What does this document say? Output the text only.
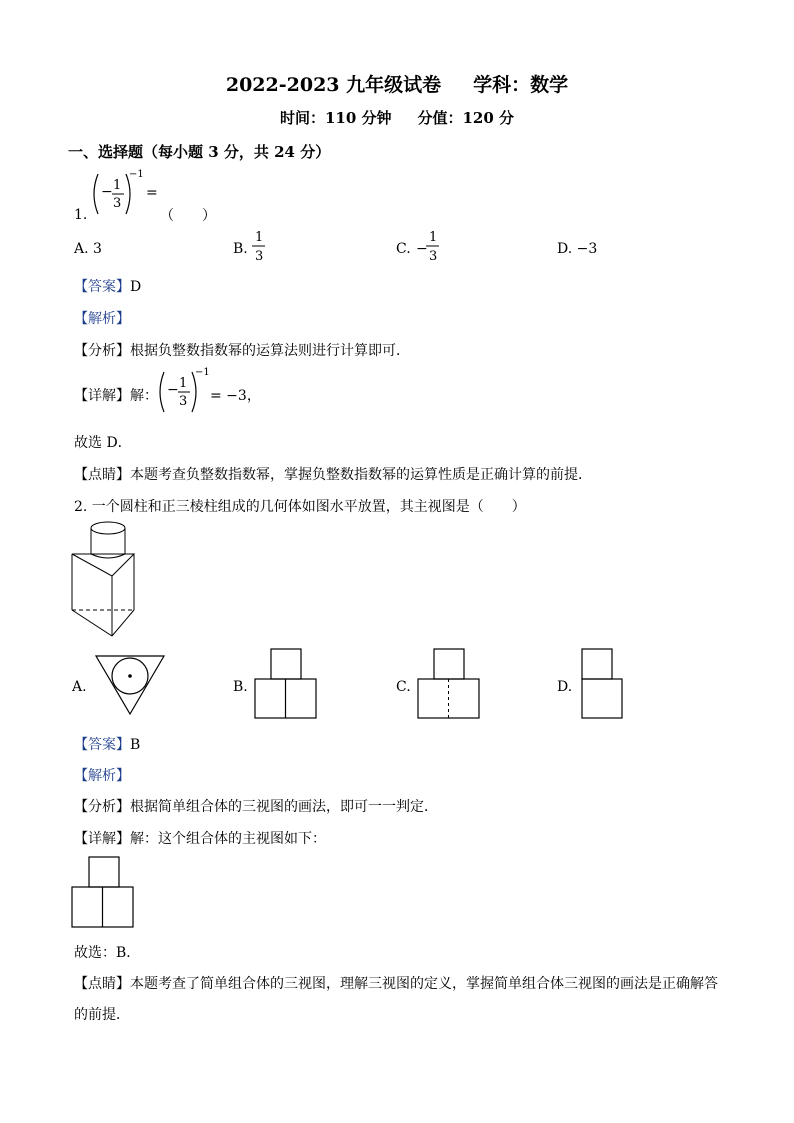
2022-2023 九年级试卷 学科：数学
时间：110 分钟 分值：120 分
一、选择题（每小题 3 分，共 24 分）
1.
− 1
3
−1
=
（　　）
A. 3	B.
1
3	C. −
1
3	D. −3
【答案】D
【解析】
【分析】根据负整数指数幂的运算法则进行计算即可．
【详解】解： − 1
3
−1
= −3，
故选 D．
【点睛】本题考查负整数指数幂，掌握负整数指数幂的运算性质是正确计算的前提．
2. 一个圆柱和正三棱柱组成的几何体如图水平放置，其主视图是（　　）
A.	B.	C.	D.
【答案】B
【解析】
【分析】根据简单组合体的三视图的画法，即可一一判定．
【详解】解：这个组合体的主视图如下：
故选：B．
【点睛】本题考查了简单组合体的三视图，理解三视图的定义，掌握简单组合体三视图的画法是正确解答
的前提．
